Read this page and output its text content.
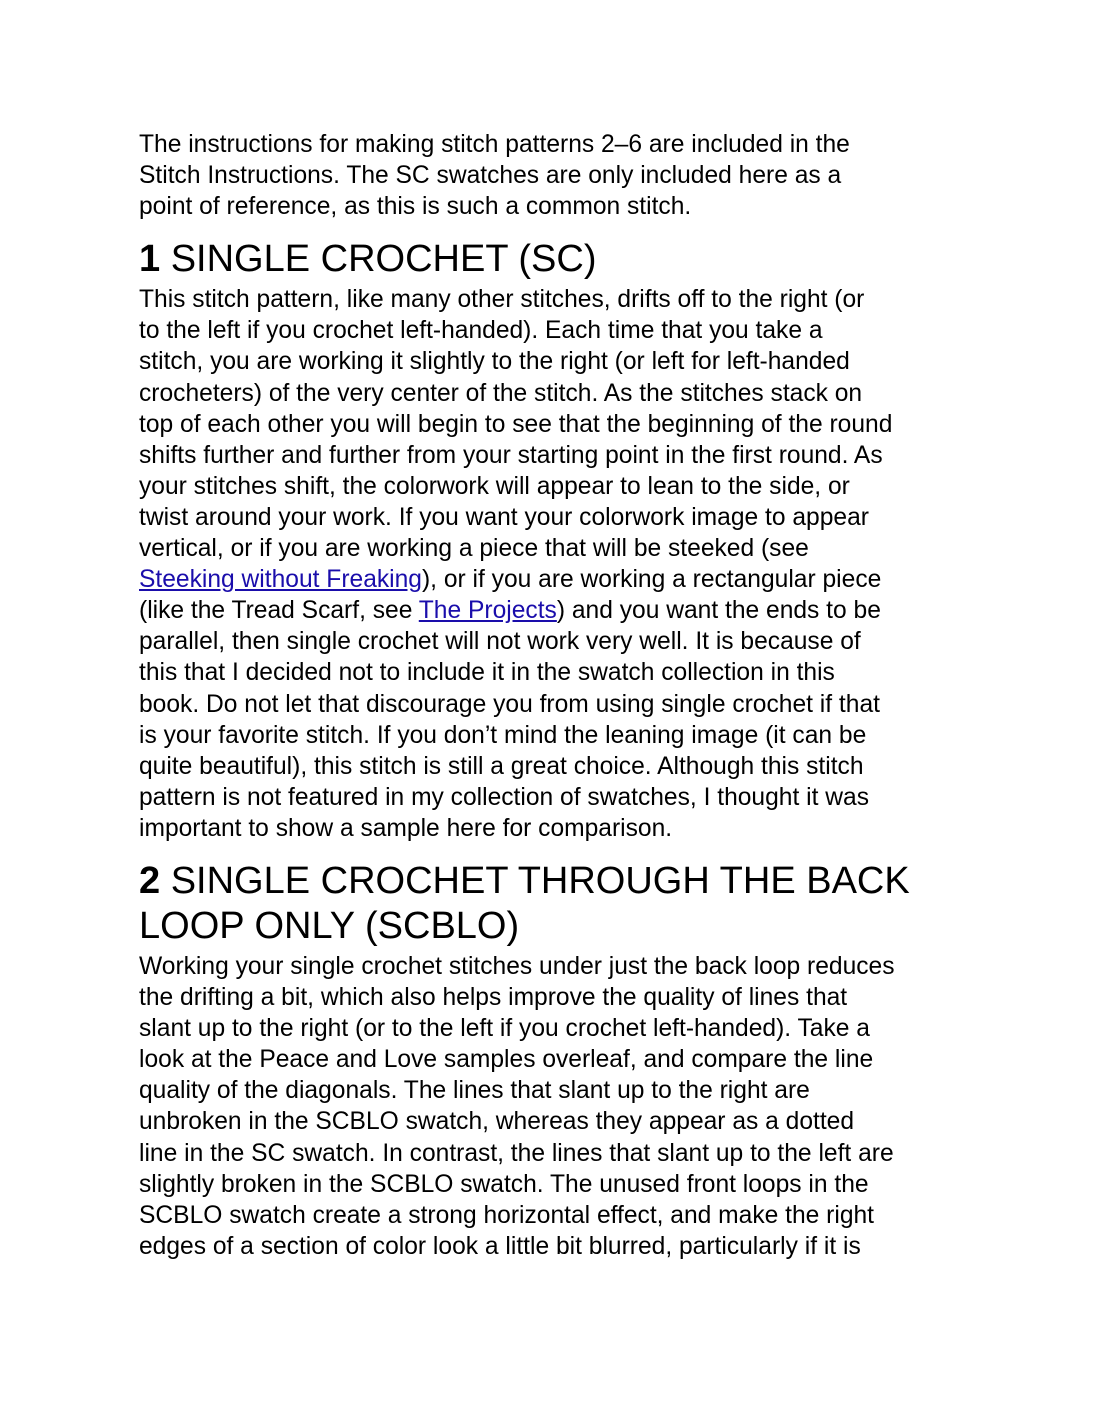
The instructions for making stitch patterns 2–6 are included in the
Stitch Instructions. The SC swatches are only included here as a
point of reference, as this is such a common stitch.

1 SINGLE CROCHET (SC)

This stitch pattern, like many other stitches, drifts off to the right (or
to the left if you crochet left-handed). Each time that you take a
stitch, you are working it slightly to the right (or left for left-handed
crocheters) of the very center of the stitch. As the stitches stack on
top of each other you will begin to see that the beginning of the round
shifts further and further from your starting point in the first round. As
your stitches shift, the colorwork will appear to lean to the side, or
twist around your work. If you want your colorwork image to appear
vertical, or if you are working a piece that will be steeked (see
Steeking without Freaking), or if you are working a rectangular piece
(like the Tread Scarf, see The Projects) and you want the ends to be
parallel, then single crochet will not work very well. It is because of
this that I decided not to include it in the swatch collection in this
book. Do not let that discourage you from using single crochet if that
is your favorite stitch. If you don’t mind the leaning image (it can be
quite beautiful), this stitch is still a great choice. Although this stitch
pattern is not featured in my collection of swatches, I thought it was
important to show a sample here for comparison.

2 SINGLE CROCHET THROUGH THE BACK
LOOP ONLY (SCBLO)

Working your single crochet stitches under just the back loop reduces
the drifting a bit, which also helps improve the quality of lines that
slant up to the right (or to the left if you crochet left-handed). Take a
look at the Peace and Love samples overleaf, and compare the line
quality of the diagonals. The lines that slant up to the right are
unbroken in the SCBLO swatch, whereas they appear as a dotted
line in the SC swatch. In contrast, the lines that slant up to the left are
slightly broken in the SCBLO swatch. The unused front loops in the
SCBLO swatch create a strong horizontal effect, and make the right
edges of a section of color look a little bit blurred, particularly if it is
